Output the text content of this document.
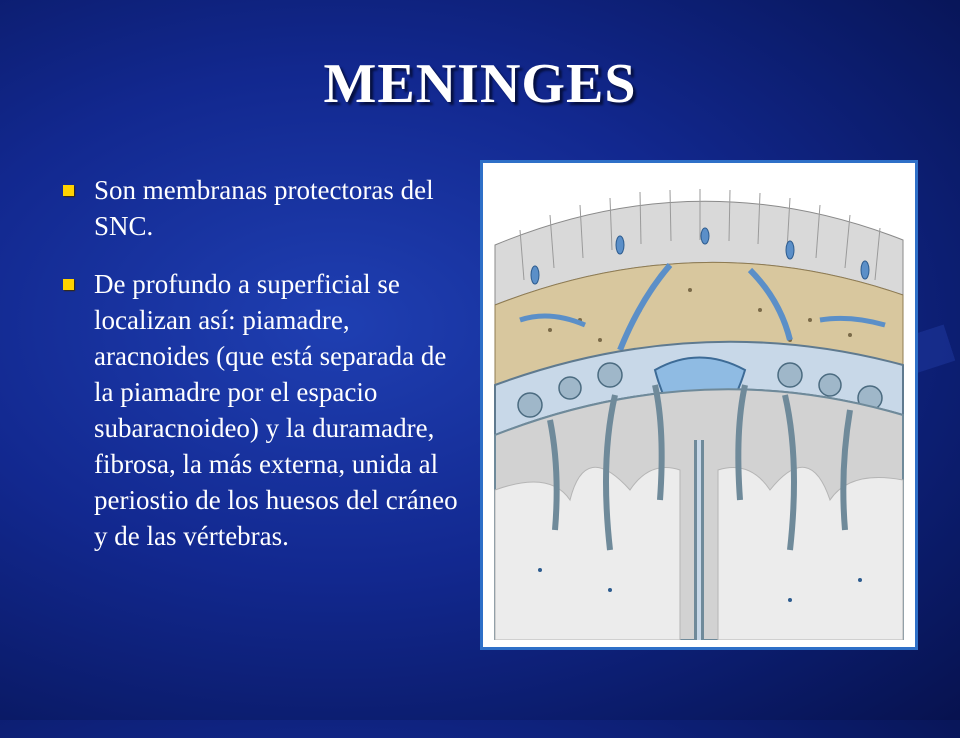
MENINGES
Son membranas protectoras del SNC.
De profundo a superficial se localizan así: piamadre, aracnoides (que está separada de la piamadre por el espacio subaracnoideo) y la duramadre, fibrosa, la más externa, unida al periostio de los huesos del cráneo y de las vértebras.
